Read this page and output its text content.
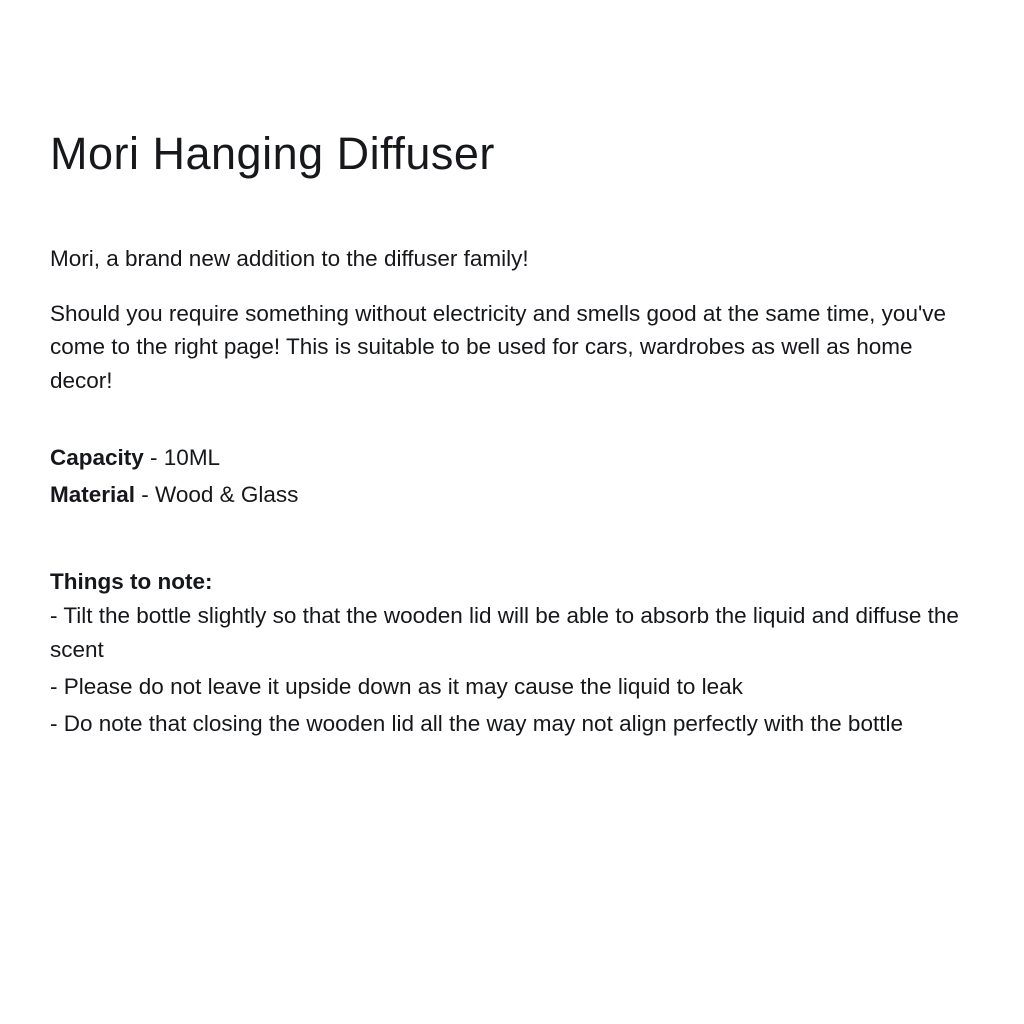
Mori Hanging Diffuser

Mori, a brand new addition to the diffuser family!

Should you require something without electricity and smells good at the same time, you've come to the right page! This is suitable to be used for cars, wardrobes as well as home decor!

Capacity - 10ML

Material - Wood & Glass

Things to note:

- Tilt the bottle slightly so that the wooden lid will be able to absorb the liquid and diffuse the scent

- Please do not leave it upside down as it may cause the liquid to leak

- Do note that closing the wooden lid all the way may not align perfectly with the bottle
